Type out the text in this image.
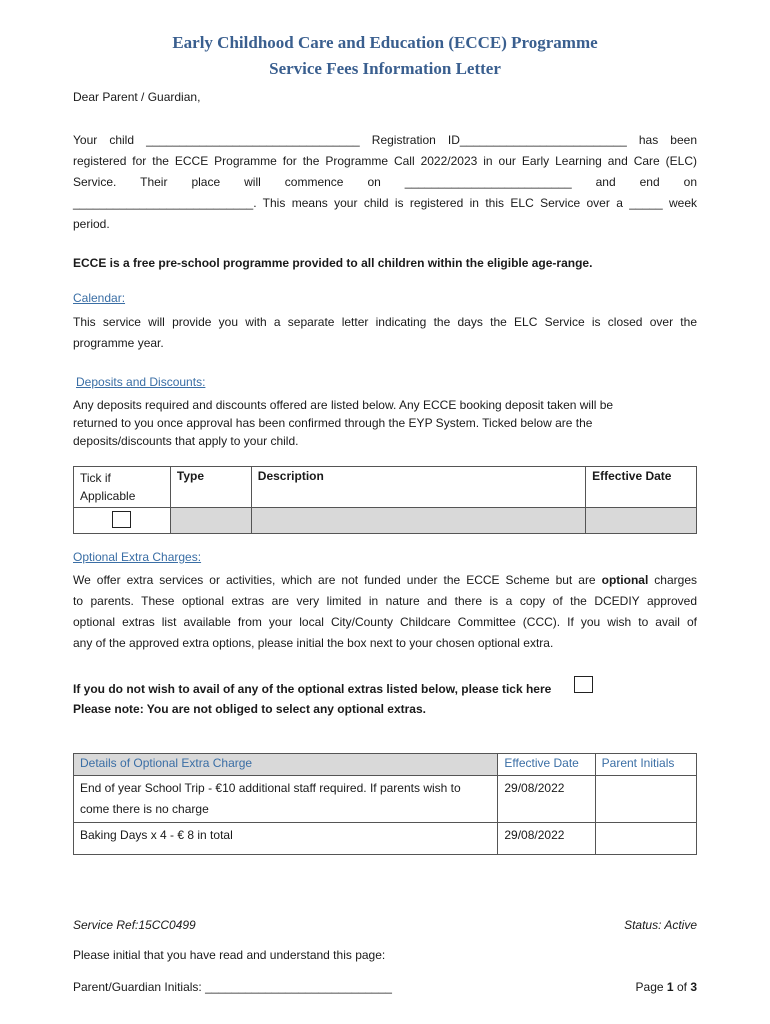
Early Childhood Care and Education (ECCE) Programme
Service Fees Information Letter
Dear Parent / Guardian,
Your child ________________________________ Registration ID_________________________ has been
registered for the ECCE Programme for the Programme Call 2022/2023 in our Early Learning and Care (ELC)
Service. Their place will commence on _________________________ and end on
___________________________. This means your child is registered in this ELC Service over a _____ week
period.
ECCE is a free pre-school programme provided to all children within the eligible age-range.
Calendar:
This service will provide you with a separate letter indicating the days the ELC Service is closed over the
programme year.
Deposits and Discounts:
Any deposits required and discounts offered are listed below. Any ECCE booking deposit taken will be
returned to you once approval has been confirmed through the EYP System. Ticked below are the
deposits/discounts that apply to your child.
Tick if Applicable	Type	Description	Effective Date

Optional Extra Charges:
We offer extra services or activities, which are not funded under the ECCE Scheme but are optional charges
to parents. These optional extras are very limited in nature and there is a copy of the DCEDIY approved
optional extras list available from your local City/County Childcare Committee (CCC). If you wish to avail of
any of the approved extra options, please initial the box next to your chosen optional extra.
If you do not wish to avail of any of the optional extras listed below, please tick here
Please note: You are not obliged to select any optional extras.
Details of Optional Extra Charge	Effective Date	Parent Initials
End of year School Trip - €10 additional staff required. If parents wish to come there is no charge	29/08/2022	
Baking Days x 4 - € 8 in total	29/08/2022	
Service Ref:15CC0499	Status: Active
Please initial that you have read and understand this page:
Parent/Guardian Initials: ____________________________	Page 1 of 3
